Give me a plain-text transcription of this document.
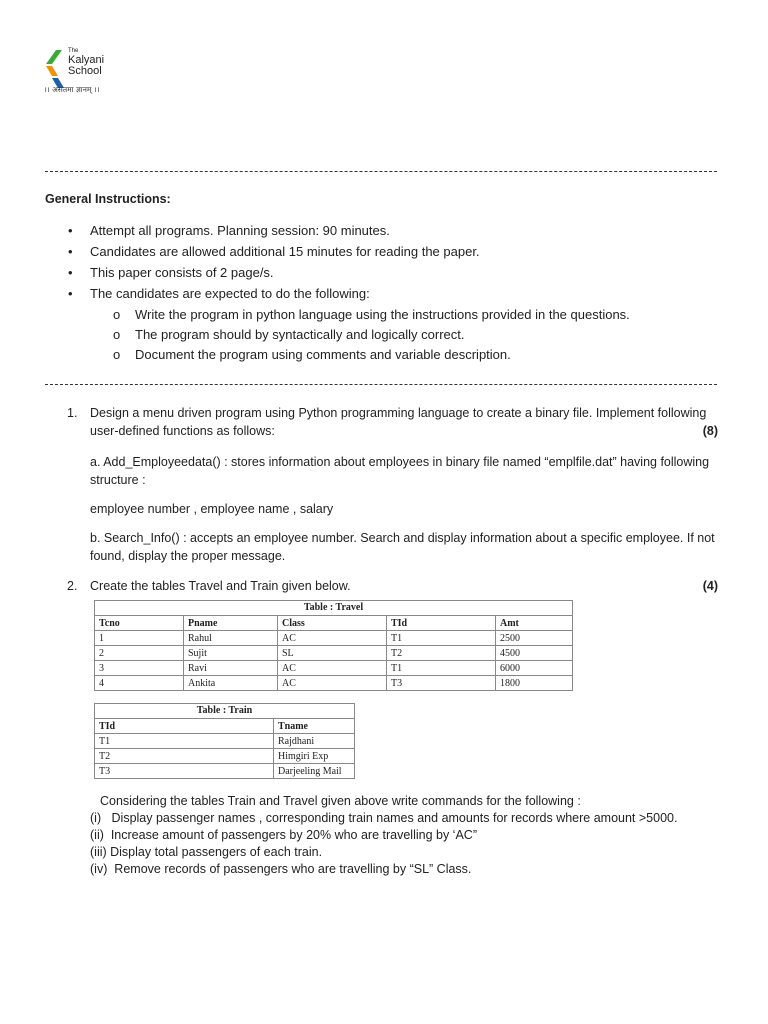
The
Kalyani
School
।। असतमा ज्ञानम् ।।
General Instructions:
• Attempt all programs. Planning session: 90 minutes.
• Candidates are allowed additional 15 minutes for reading the paper.
• This paper consists of 2 page/s.
• The candidates are expected to do the following:
o Write the program in python language using the instructions provided in the questions.
o The program should by syntactically and logically correct.
o Document the program using comments and variable description.
1. Design a menu driven program using Python programming language to create a binary file. Implement following user-defined functions as follows:	(8)
a. Add_Employeedata() : stores information about employees in binary file named “emplfile.dat” having following structure :
employee number , employee name , salary
b. Search_Info() : accepts an employee number. Search and display information about a specific employee. If not found, display the proper message.
2. Create the tables Travel and Train given below.	(4)
Table : Travel
Tcno	Pname	Class	TId	Amt
1	Rahul	AC	T1	2500
2	Sujit	SL	T2	4500
3	Ravi	AC	T1	6000
4	Ankita	AC	T3	1800
Table : Train
TId	Tname
T1	Rajdhani
T2	Himgiri Exp
T3	Darjeeling Mail
Considering the tables Train and Travel given above write commands for the following :
(i)   Display passenger names , corresponding train names and amounts for records where amount >5000.
(ii)  Increase amount of passengers by 20% who are travelling by ‘AC”
(iii) Display total passengers of each train.
(iv)  Remove records of passengers who are travelling by “SL” Class.
